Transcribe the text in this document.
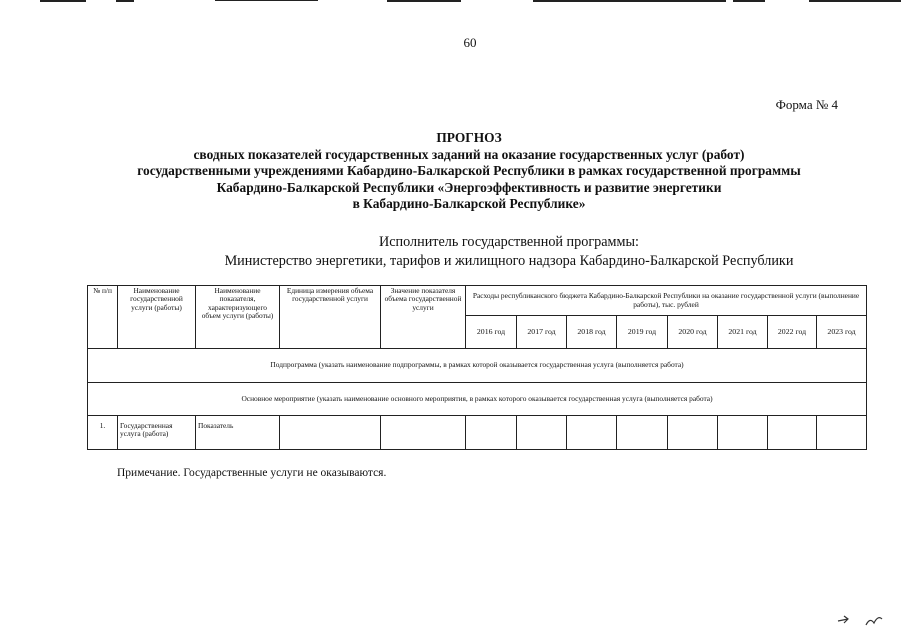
60
Форма № 4
ПРОГНОЗ
сводных показателей государственных заданий на оказание государственных услуг (работ)
государственными учреждениями Кабардино-Балкарской Республики в рамках государственной программы
Кабардино-Балкарской Республики «Энергоэффективность и развитие энергетики
в Кабардино-Балкарской Республике»
Исполнитель государственной программы:
Министерство энергетики, тарифов и жилищного надзора Кабардино-Балкарской Республики
№ п/п	Наименование государственной услуги (работы)	Наименование показателя, характеризующего объем услуги (работы)	Единица измерения объема государственной услуги	Значение показателя объема государственной услуги	Расходы республиканского бюджета Кабардино-Балкарской Республики на оказание государственной услуги (выполнение работы), тыс. рублей							
					2016 год	2017 год	2018 год	2019 год	2020 год	2021 год	2022 год	2023 год
Подпрограмма (указать наименование подпрограммы, в рамках которой оказывается государственная услуга (выполняется работа)												
Основное мероприятие (указать наименование основного мероприятия, в рамках которого оказывается государственная услуга (выполняется работа)												
1.	Государственная услуга (работа)	Показатель										
Примечание. Государственные услуги не оказываются.
